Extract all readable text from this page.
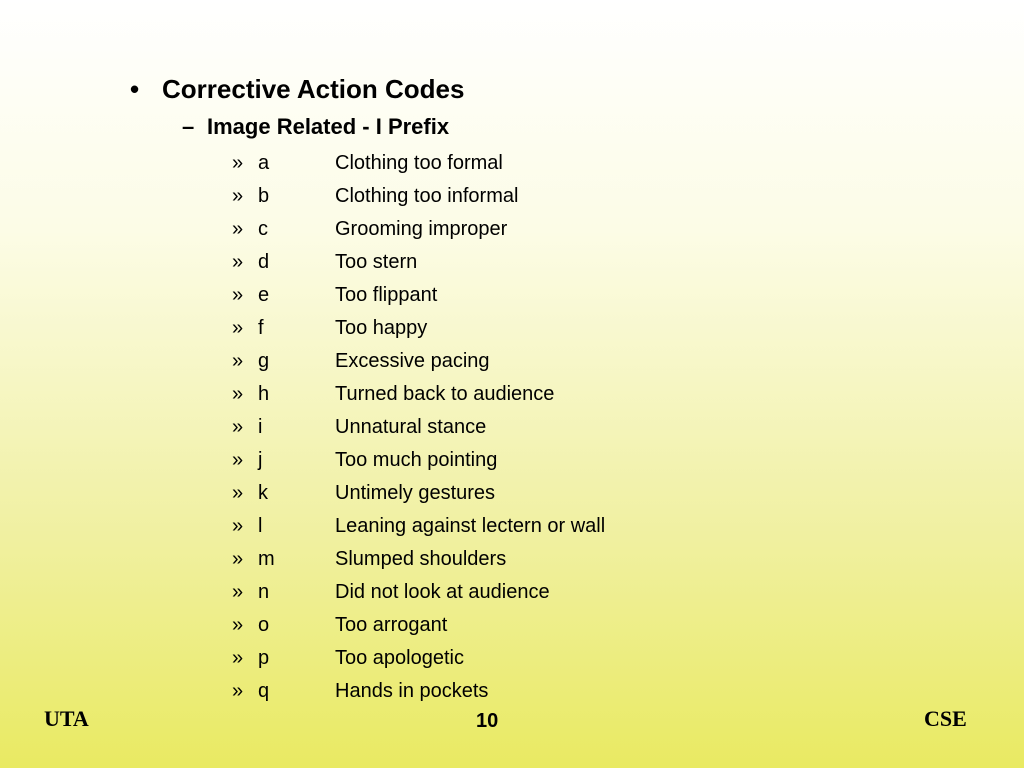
• Corrective Action Codes
– Image Related - I Prefix
» a	Clothing too formal
» b	Clothing too informal
» c	Grooming improper
» d	Too stern
» e	Too flippant
» f	Too happy
» g	Excessive pacing
» h	Turned back to audience
» i	Unnatural stance
» j	Too much pointing
» k	Untimely gestures
» l	Leaning against lectern or wall
» m	Slumped shoulders
» n	Did not look at audience
» o	Too arrogant
» p	Too apologetic
» q	Hands in pockets
UTA	10	CSE
